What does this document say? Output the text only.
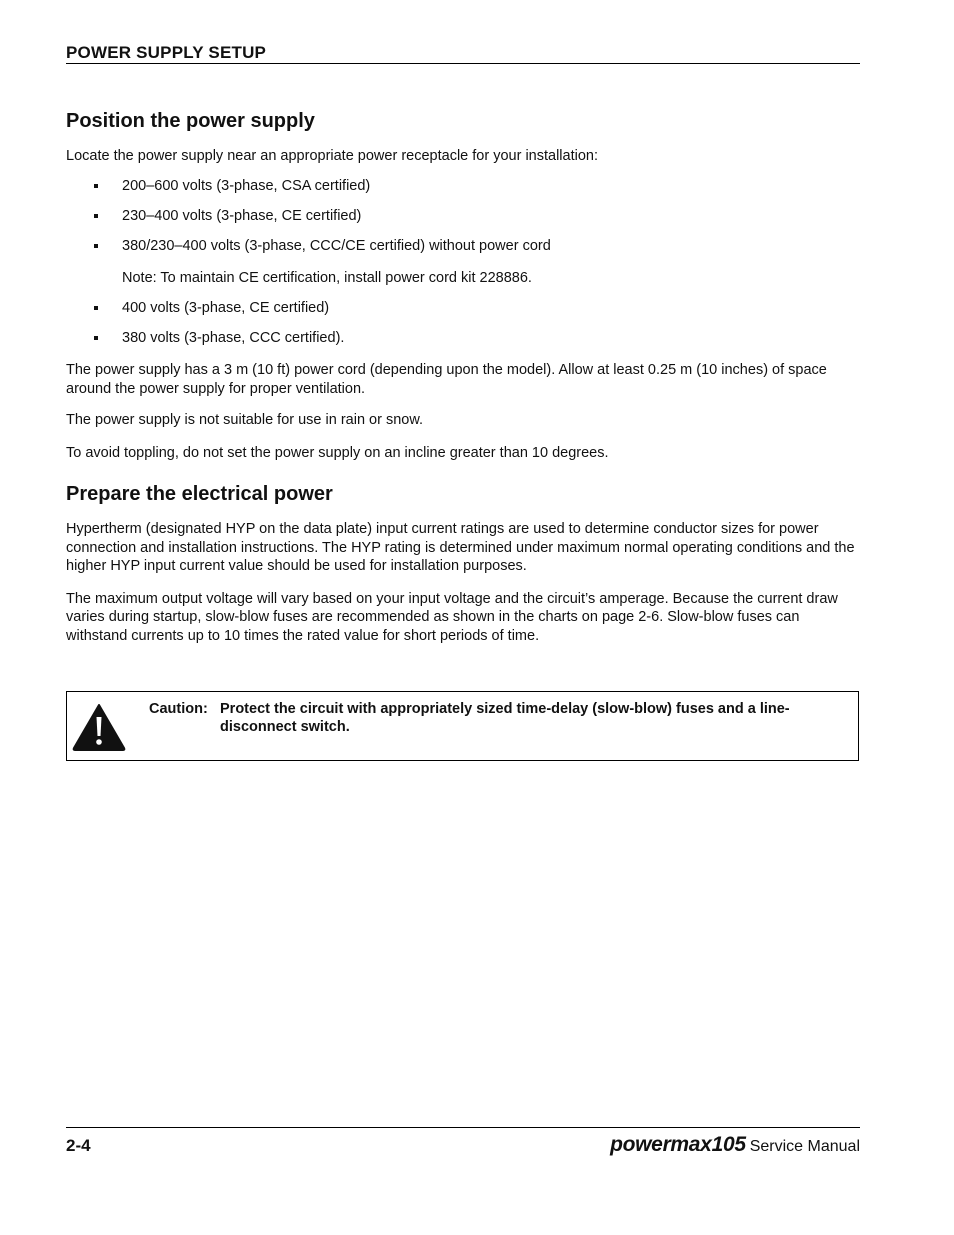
POWER SUPPLY SETUP
Position the power supply

Locate the power supply near an appropriate power receptacle for your installation:

200–600 volts (3-phase, CSA certified)
230–400 volts (3-phase, CE certified)
380/230–400 volts (3-phase, CCC/CE certified) without power cord

Note: To maintain CE certification, install power cord kit 228886.

400 volts (3-phase, CE certified)
380 volts (3-phase, CCC certified).

The power supply has a 3 m (10 ft) power cord (depending upon the model). Allow at least 0.25 m (10 inches) of space around the power supply for proper ventilation.

The power supply is not suitable for use in rain or snow.

To avoid toppling, do not set the power supply on an incline greater than 10 degrees.

Prepare the electrical power

Hypertherm (designated HYP on the data plate) input current ratings are used to determine conductor sizes for power connection and installation instructions. The HYP rating is determined under maximum normal operating conditions and the higher HYP input current value should be used for installation purposes.

The maximum output voltage will vary based on your input voltage and the circuit’s amperage. Because the current draw varies during startup, slow-blow fuses are recommended as shown in the charts on page 2-6. Slow-blow fuses can withstand currents up to 10 times the rated value for short periods of time.

Caution: Protect the circuit with appropriately sized time-delay (slow-blow) fuses and a line-disconnect switch.
2-4	powermax105 Service Manual
